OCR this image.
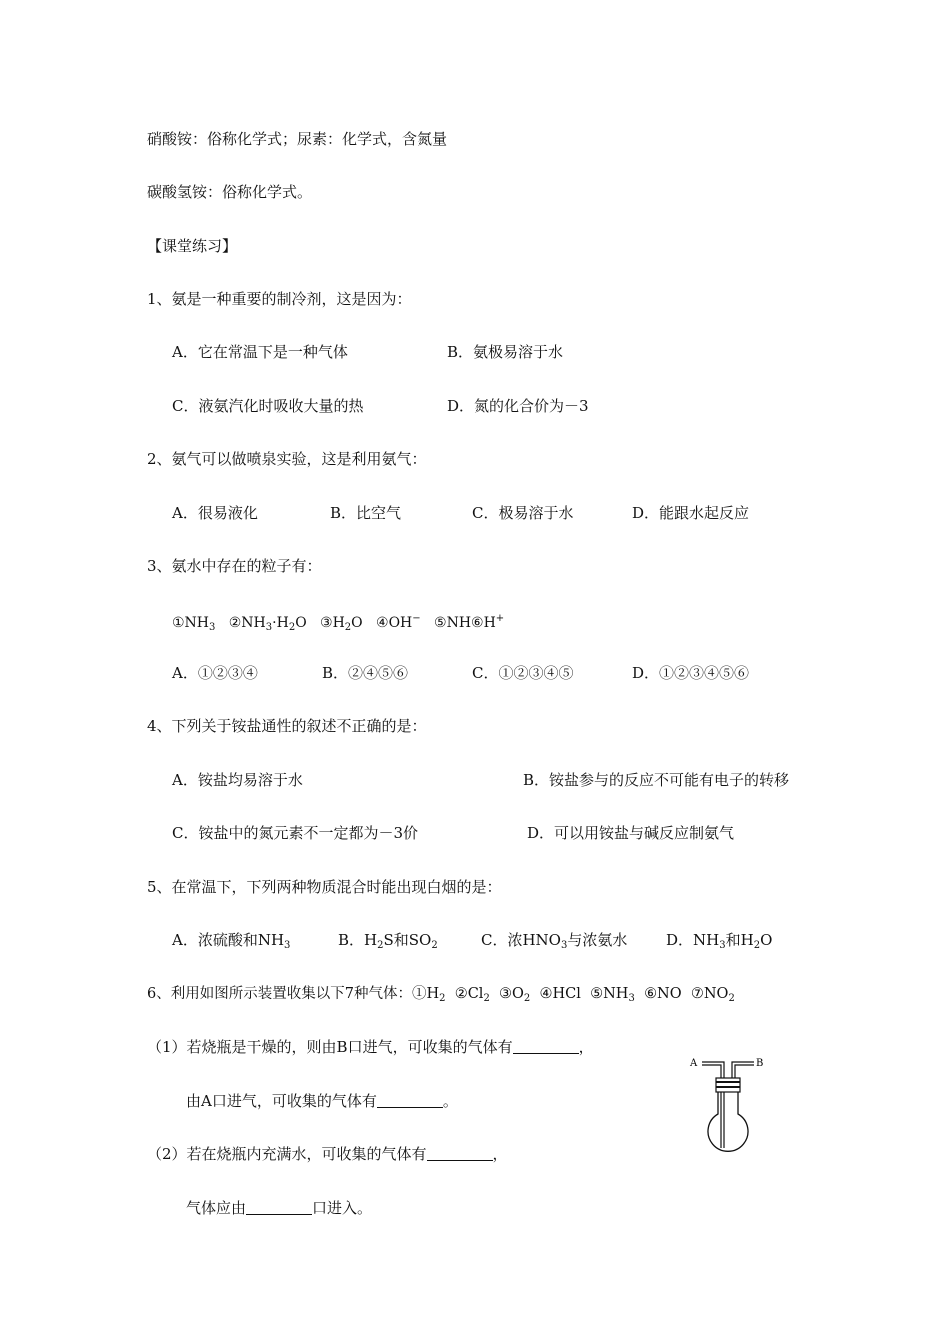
硝酸铵：俗称化学式；尿素：化学式，含氮量
碳酸氢铵：俗称化学式。
【课堂练习】
1、氨是一种重要的制冷剂，这是因为：
A．它在常温下是一种气体	B．氨极易溶于水
C．液氨汽化时吸收大量的热	D．氮的化合价为－3
2、氨气可以做喷泉实验，这是利用氨气：
A．很易液化	B．比空气	C．极易溶于水	D．能跟水起反应
3、氨水中存在的粒子有：
$①NH_3$ $②NH_3\cdot H_2O$ $③H_2O$ ④OH− ⑤NH⑥H+
A．①②③④	B．②④⑤⑥	C．①②③④⑤	D．①②③④⑤⑥
4、下列关于铵盐通性的叙述不正确的是：
A．铵盐均易溶于水	B．铵盐参与的反应不可能有电子的转移
C．铵盐中的氮元素不一定都为－3价	D．可以用铵盐与碱反应制氨气
5、在常温下，下列两种物质混合时能出现白烟的是：
A．浓硫酸和$NH_3$	B．$H_2S$和$SO_2$	C．浓$HNO_3$与浓氨水	D．$NH_3$和$H_2O$
6、利用如图所示装置收集以下7种气体：$①H_2$ $②Cl_2$ $③O_2$ ④HCl $⑤NH_3$ ⑥NO $⑦NO_2$
（1）若烧瓶是干燥的，则由B口进气，可收集的气体有	，
由A口进气，可收集的气体有	。
（2）若在烧瓶内充满水，可收集的气体有	，
气体应由	口进入。
A	B
